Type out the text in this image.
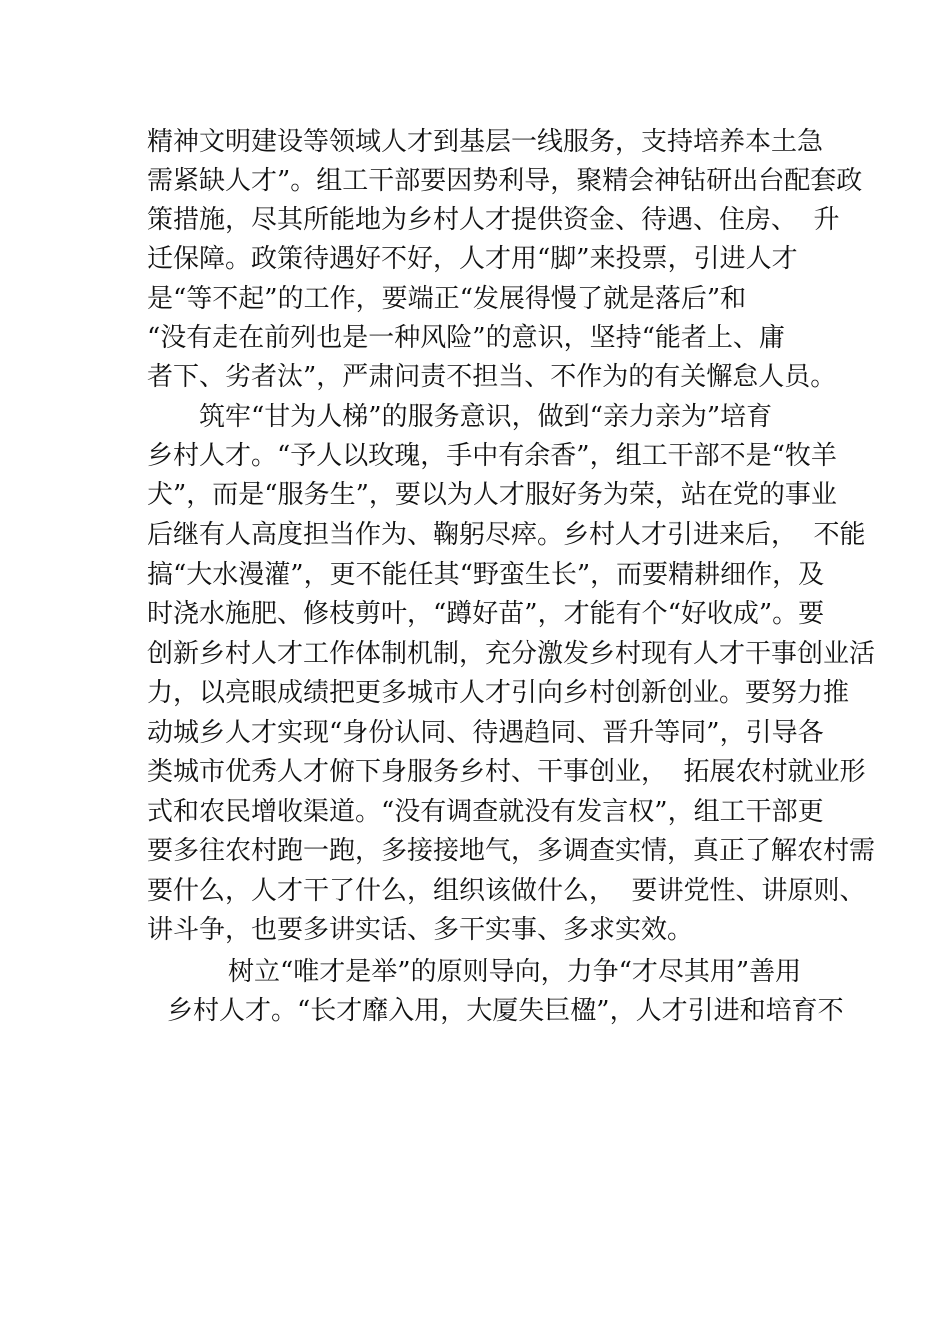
精神文明建设等领域人才到基层一线服务，支持培养本土急
需紧缺人才”。组工干部要因势利导，聚精会神钻研出台配套政
策措施，尽其所能地为乡村人才提供资金、待遇、住房、  升
迁保障。政策待遇好不好，人才用“脚”来投票，引进人才
是“等不起”的工作，要端正“发展得慢了就是落后”和
“没有走在前列也是一种风险”的意识，坚持“能者上、庸
者下、劣者汰”，严肃问责不担当、不作为的有关懈怠人员。
筑牢“甘为人梯”的服务意识，做到“亲力亲为”培育
乡村人才。“予人以玫瑰，手中有余香”，组工干部不是“牧羊
犬”，而是“服务生”，要以为人才服好务为荣，站在党的事业
后继有人高度担当作为、鞠躬尽瘁。乡村人才引进来后，  不能
搞“大水漫灌”，更不能任其“野蛮生长”，而要精耕细作，及
时浇水施肥、修枝剪叶，“蹲好苗”，才能有个“好收成”。要
创新乡村人才工作体制机制，充分激发乡村现有人才干事创业活
力，以亮眼成绩把更多城市人才引向乡村创新创业。要努力推
动城乡人才实现“身份认同、待遇趋同、晋升等同”，引导各
类城市优秀人才俯下身服务乡村、干事创业，  拓展农村就业形
式和农民增收渠道。“没有调查就没有发言权”，组工干部更
要多往农村跑一跑，多接接地气，多调查实情，真正了解农村需
要什么，人才干了什么，组织该做什么，  要讲党性、讲原则、
讲斗争，也要多讲实话、多干实事、多求实效。
树立“唯才是举”的原则导向，力争“才尽其用”善用
乡村人才。“长才靡入用，大厦失巨楹”，人才引进和培育不
